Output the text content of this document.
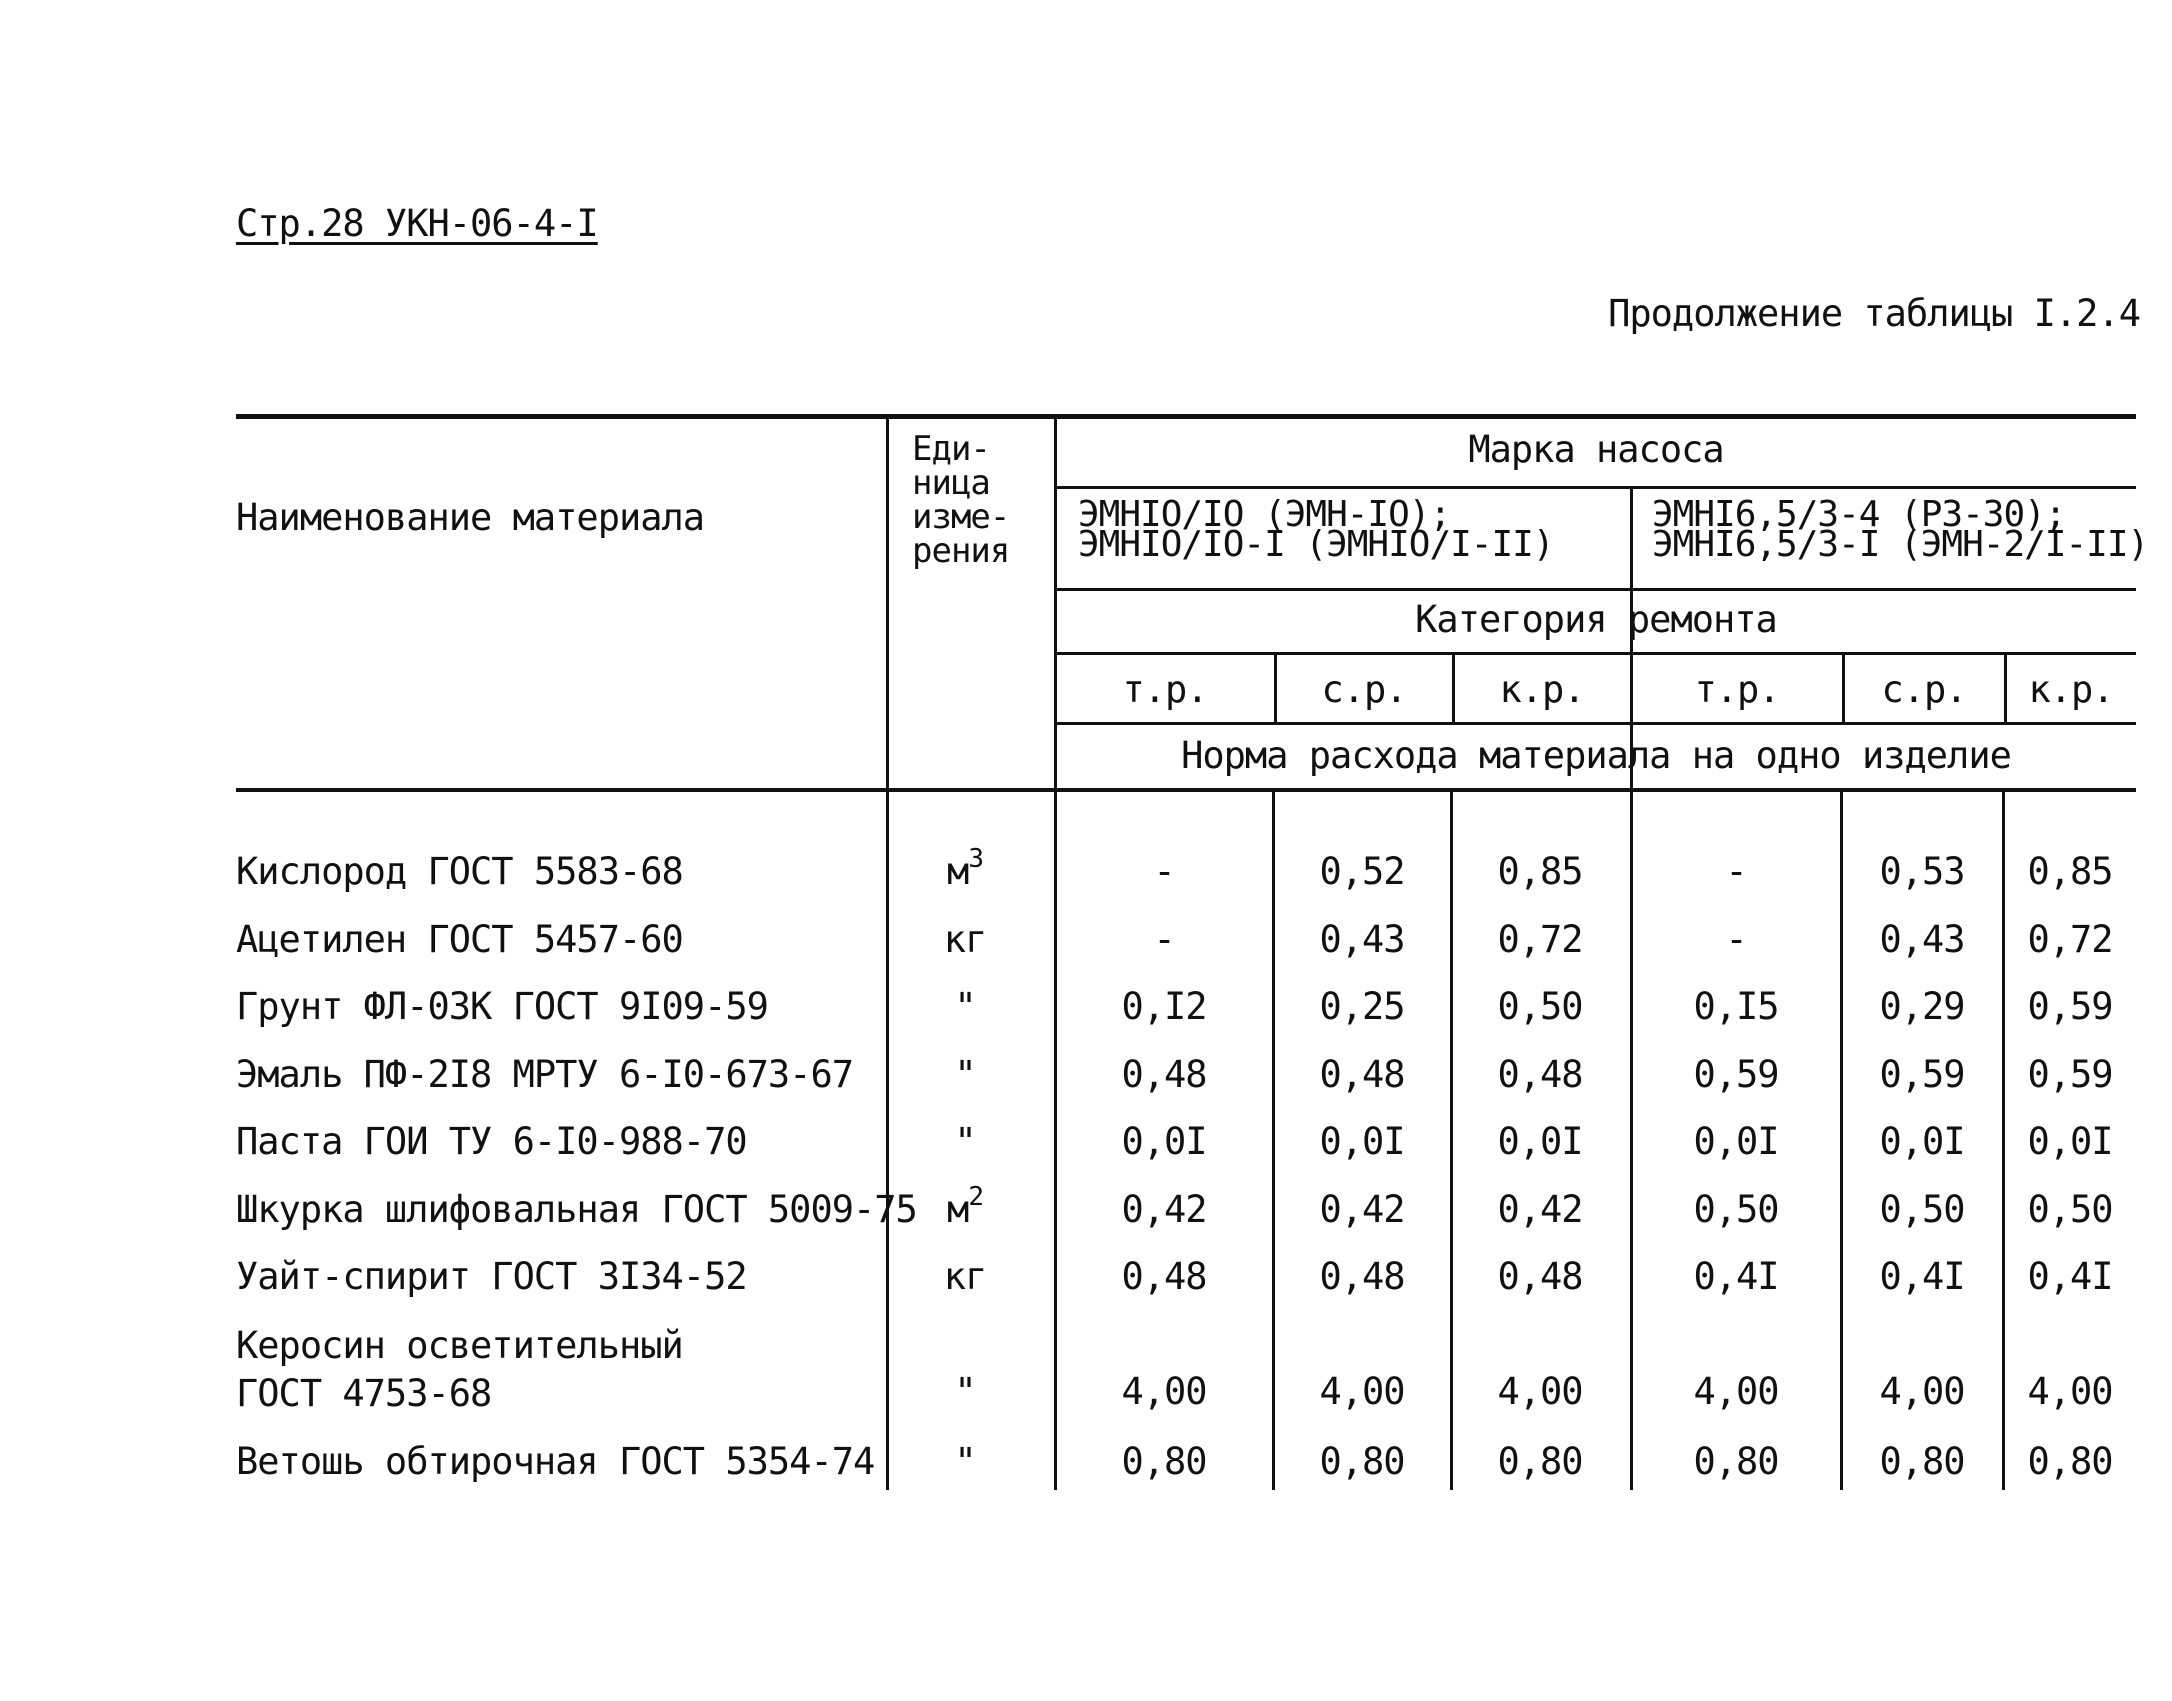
Стр.28 УКН-06-4-I
Продолжение таблицы I.2.4
Наименование материала
Еди-
ница
изме-
рения
Марка насоса
ЭМНIO/IO (ЭМН-IO);
ЭМНIO/IO-I (ЭМНIO/I-II)
ЭМНI6,5/3-4 (РЗ-30);
ЭМНI6,5/3-I (ЭМН-2/I-II)
Категория ремонта
т.р.	с.р.	к.р.	т.р.	с.р.	к.р.
Норма расхода материала на одно изделие
Кислород ГОСТ 5583-68	$м^3$	-	0,52	0,85	-	0,53	0,85
Ацетилен ГОСТ 5457-60	кг	-	0,43	0,72	-	0,43	0,72
Грунт ФЛ-03К ГОСТ 9I09-59	"	0,I2	0,25	0,50	0,I5	0,29	0,59
Эмаль ПФ-2I8 МРТУ 6-I0-673-67	"	0,48	0,48	0,48	0,59	0,59	0,59
Паста ГОИ ТУ 6-I0-988-70	"	0,0I	0,0I	0,0I	0,0I	0,0I	0,0I
Шкурка шлифовальная ГОСТ 5009-75 $м^2$	0,42	0,42	0,42	0,50	0,50	0,50
Уайт-спирит ГОСТ 3I34-52	кг	0,48	0,48	0,48	0,4I	0,4I	0,4I
Керосин осветительный
ГОСТ 4753-68	"	4,00	4,00	4,00	4,00	4,00	4,00
Ветошь обтирочная ГОСТ 5354-74	"	0,80	0,80	0,80	0,80	0,80	0,80
